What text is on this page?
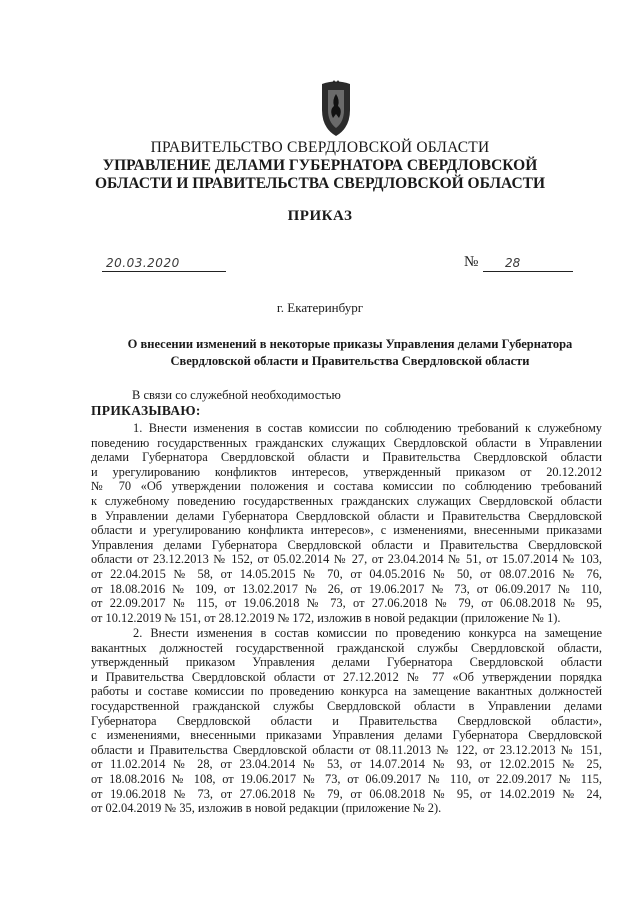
ПРАВИТЕЛЬСТВО СВЕРДЛОВСКОЙ ОБЛАСТИ
УПРАВЛЕНИЕ ДЕЛАМИ ГУБЕРНАТОРА СВЕРДЛОВСКОЙ
ОБЛАСТИ И ПРАВИТЕЛЬСТВА СВЕРДЛОВСКОЙ ОБЛАСТИ
ПРИКАЗ
20.03.2020	№ 28
г. Екатеринбург
О внесении изменений в некоторые приказы Управления делами Губернатора
Свердловской области и Правительства Свердловской области
В связи со служебной необходимостью
ПРИКАЗЫВАЮ:
1. Внести изменения в состав комиссии по соблюдению требований к служебному
поведению государственных гражданских служащих Свердловской области в Управлении
делами Губернатора Свердловской области и Правительства Свердловской области
и урегулированию конфликтов интересов, утвержденный приказом от 20.12.2012
№ 70 «Об утверждении положения и состава комиссии по соблюдению требований
к служебному поведению государственных гражданских служащих Свердловской области
в Управлении делами Губернатора Свердловской области и Правительства Свердловской
области и урегулированию конфликта интересов», с изменениями, внесенными приказами
Управления делами Губернатора Свердловской области и Правительства Свердловской
области от 23.12.2013 № 152, от 05.02.2014 № 27, от 23.04.2014 № 51, от 15.07.2014 № 103,
от 22.04.2015 № 58, от 14.05.2015 № 70, от 04.05.2016 № 50, от 08.07.2016 № 76,
от 18.08.2016 № 109, от 13.02.2017 № 26, от 19.06.2017 № 73, от 06.09.2017 № 110,
от 22.09.2017 № 115, от 19.06.2018 № 73, от 27.06.2018 № 79, от 06.08.2018 № 95,
от 10.12.2019 № 151, от 28.12.2019 № 172, изложив в новой редакции (приложение № 1).
2. Внести изменения в состав комиссии по проведению конкурса на замещение
вакантных должностей государственной гражданской службы Свердловской области,
утвержденный приказом Управления делами Губернатора Свердловской области
и Правительства Свердловской области от 27.12.2012 № 77 «Об утверждении порядка
работы и составе комиссии по проведению конкурса на замещение вакантных должностей
государственной гражданской службы Свердловской области в Управлении делами
Губернатора Свердловской области и Правительства Свердловской области»,
с изменениями, внесенными приказами Управления делами Губернатора Свердловской
области и Правительства Свердловской области от 08.11.2013 № 122, от 23.12.2013 № 151,
от 11.02.2014 № 28, от 23.04.2014 № 53, от 14.07.2014 № 93, от 12.02.2015 № 25,
от 18.08.2016 № 108, от 19.06.2017 № 73, от 06.09.2017 № 110, от 22.09.2017 № 115,
от 19.06.2018 № 73, от 27.06.2018 № 79, от 06.08.2018 № 95, от 14.02.2019 № 24,
от 02.04.2019 № 35, изложив в новой редакции (приложение № 2).
